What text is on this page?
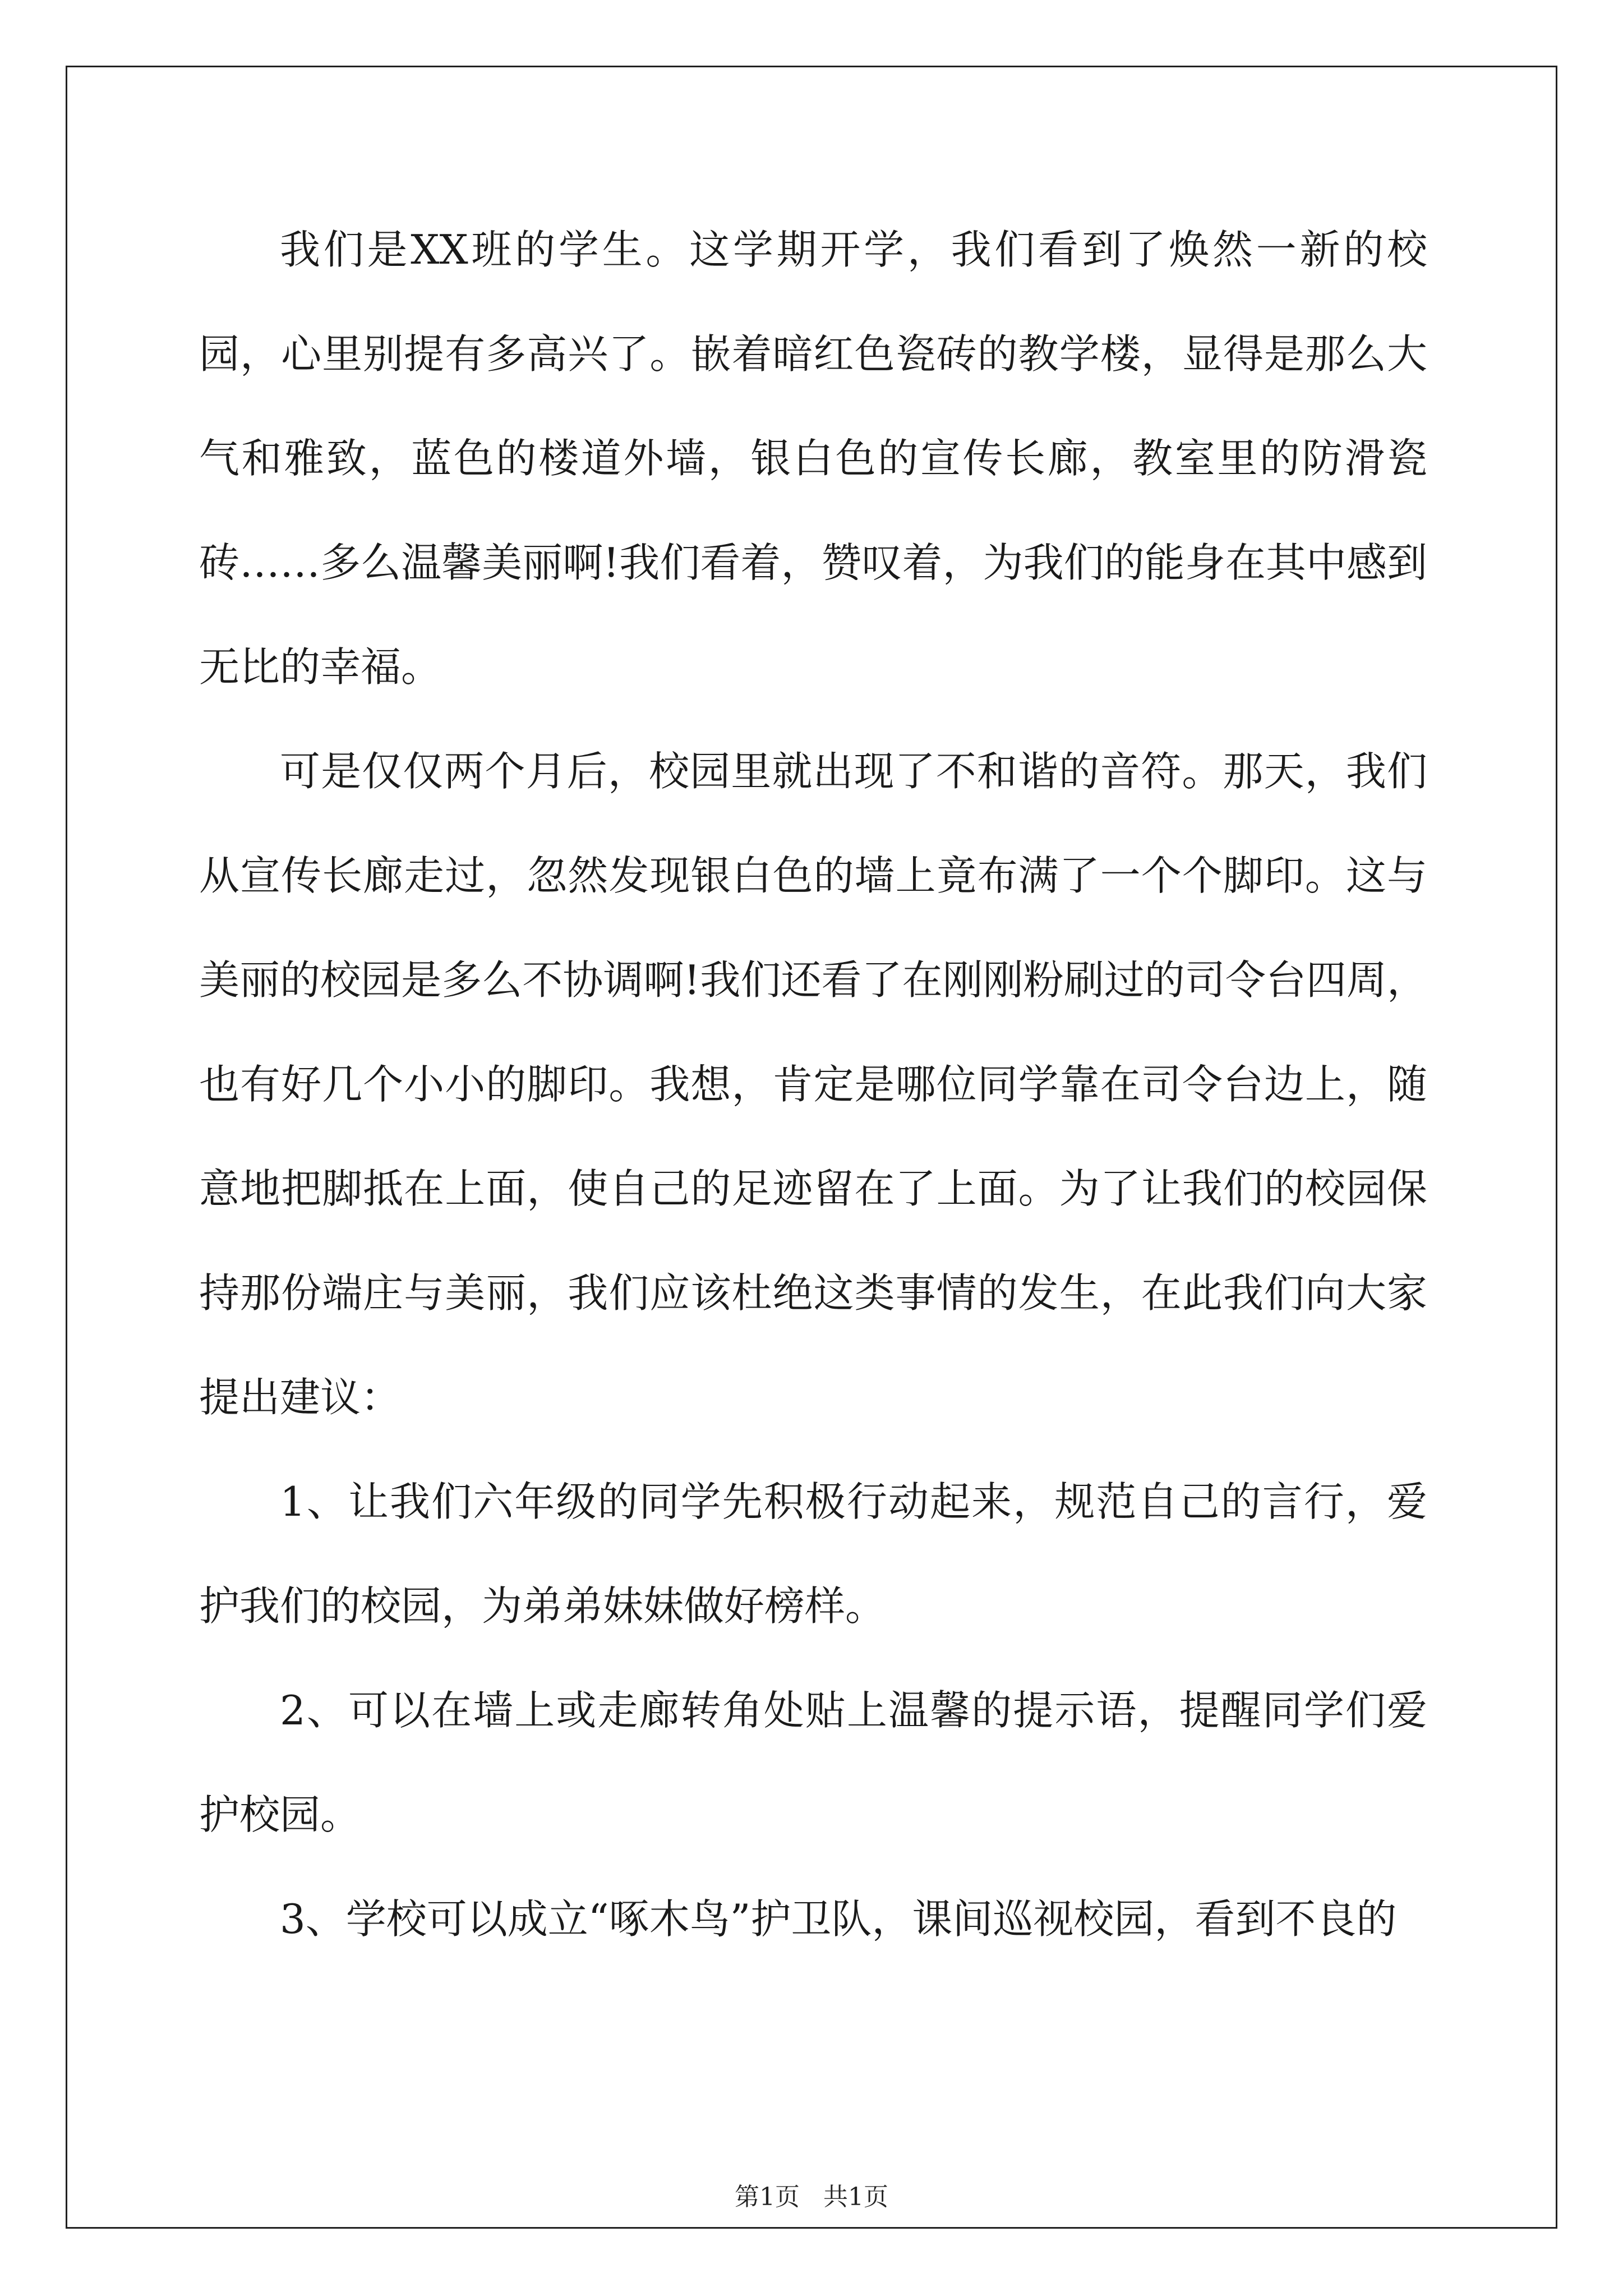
我们是XX班的学生。这学期开学，我们看到了焕然一新的校园，心里别提有多高兴了。嵌着暗红色瓷砖的教学楼，显得是那么大气和雅致，蓝色的楼道外墙，银白色的宣传长廊，教室里的防滑瓷砖……多么温馨美丽啊!我们看着，赞叹着，为我们的能身在其中感到无比的幸福。

可是仅仅两个月后，校园里就出现了不和谐的音符。那天，我们从宣传长廊走过，忽然发现银白色的墙上竟布满了一个个脚印。这与美丽的校园是多么不协调啊!我们还看了在刚刚粉刷过的司令台四周，也有好几个小小的脚印。我想，肯定是哪位同学靠在司令台边上，随意地把脚抵在上面，使自己的足迹留在了上面。为了让我们的校园保持那份端庄与美丽，我们应该杜绝这类事情的发生，在此我们向大家提出建议：

1、让我们六年级的同学先积极行动起来，规范自己的言行，爱护我们的校园，为弟弟妹妹做好榜样。

2、可以在墙上或走廊转角处贴上温馨的提示语，提醒同学们爱护校园。

3、学校可以成立“啄木鸟”护卫队，课间巡视校园，看到不良的

第1页 共1页
